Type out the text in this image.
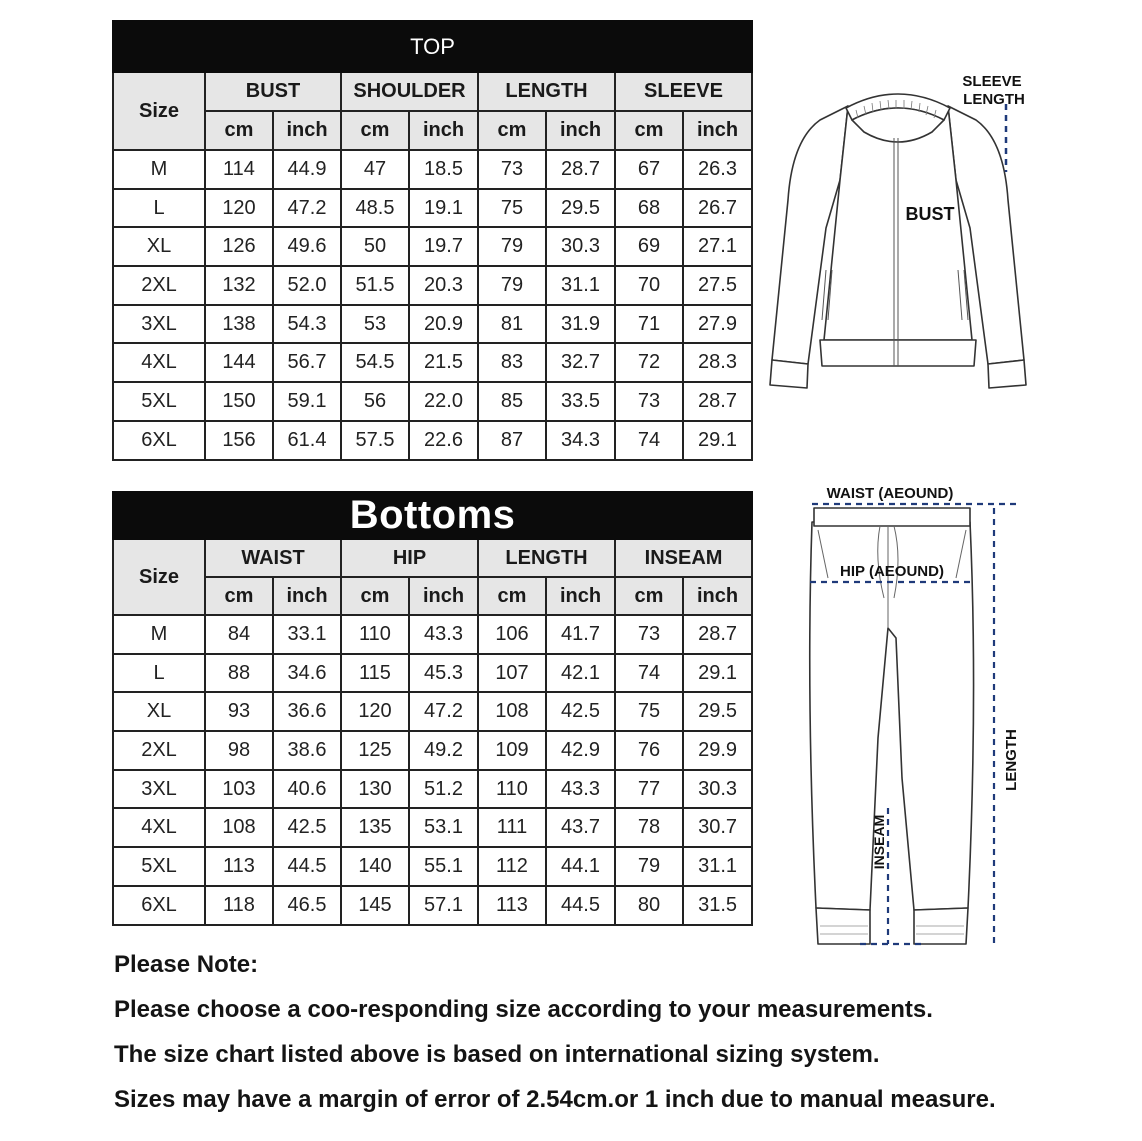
TOP								
Size	BUST		SHOULDER		LENGTH		SLEEVE	
	cm	inch	cm	inch	cm	inch	cm	inch
M	114	44.9	47	18.5	73	28.7	67	26.3
L	120	47.2	48.5	19.1	75	29.5	68	26.7
XL	126	49.6	50	19.7	79	30.3	69	27.1
2XL	132	52.0	51.5	20.3	79	31.1	70	27.5
3XL	138	54.3	53	20.9	81	31.9	71	27.9
4XL	144	56.7	54.5	21.5	83	32.7	72	28.3
5XL	150	59.1	56	22.0	85	33.5	73	28.7
6XL	156	61.4	57.5	22.6	87	34.3	74	29.1
Bottoms								
Size	WAIST		HIP		LENGTH		INSEAM	
	cm	inch	cm	inch	cm	inch	cm	inch
M	84	33.1	110	43.3	106	41.7	73	28.7
L	88	34.6	115	45.3	107	42.1	74	29.1
XL	93	36.6	120	47.2	108	42.5	75	29.5
2XL	98	38.6	125	49.2	109	42.9	76	29.9
3XL	103	40.6	130	51.2	110	43.3	77	30.3
4XL	108	42.5	135	53.1	111	43.7	78	30.7
5XL	113	44.5	140	55.1	112	44.1	79	31.1
6XL	118	46.5	145	57.1	113	44.5	80	31.5
SLEEVE
LENGTH
BUST
WAIST (AEOUND)
HIP (AEOUND)
LENGTH
INSEAM
Please Note:
Please choose a coo-responding size according to your measurements.
The size chart listed above is based on international sizing system.
Sizes may have a margin of error of 2.54cm.or 1 inch due to manual measure.
